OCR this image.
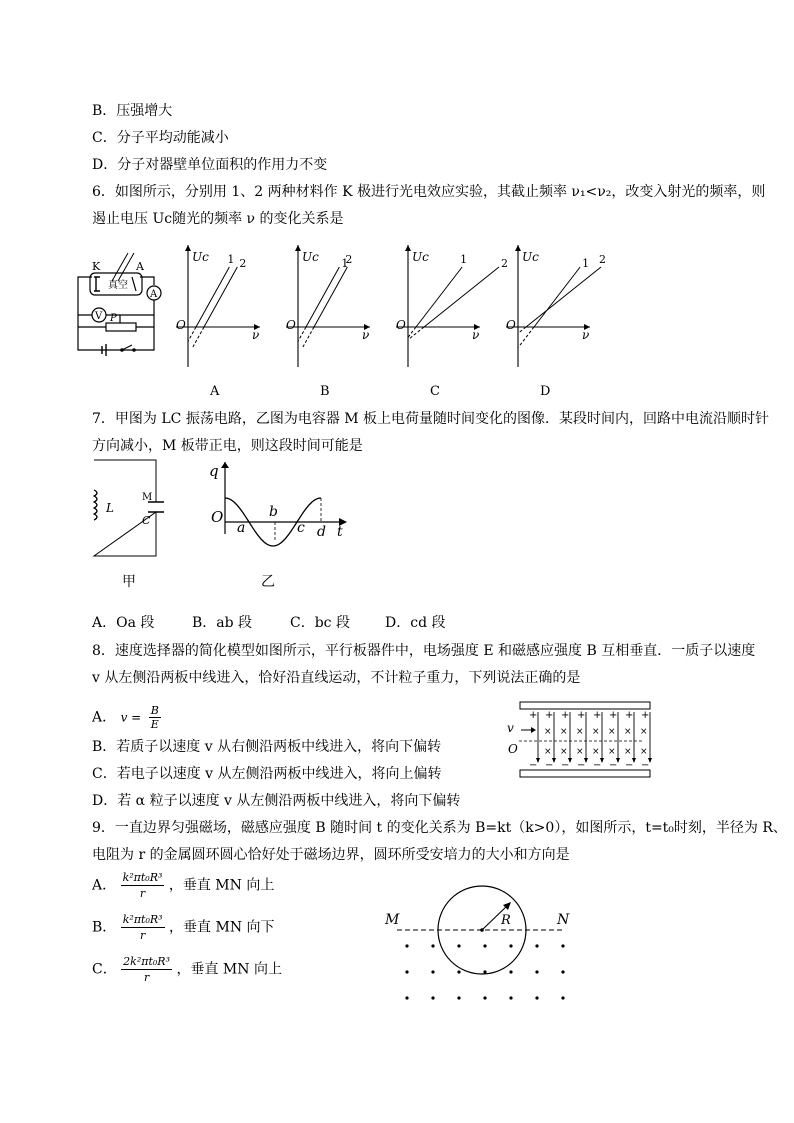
B．压强增大
C．分子平均动能减小
D．分子对器壁单位面积的作用力不变
6．如图所示，分别用 1、2 两种材料作 K 极进行光电效应实验，其截止频率 ν₁<ν₂，改变入射光的频率，则
遏止电压 Uc随光的频率 ν 的变化关系是
K	A
真空
A
V P
Uc
O
ν
1 2
A
Uc
O
ν
2
1
B
Uc
O
ν
1	2
C
Uc
O
ν
2
1
D
7．甲图为 LC 振荡电路，乙图为电容器 M 板上电荷量随时间变化的图像．某段时间内，回路中电流沿顺时针
方向减小，M 板带正电，则这段时间可能是
L
M
C
甲
q
O
a
b
c d t
乙
A．Oa 段	B．ab 段	C．bc 段	D．cd 段
8．速度选择器的简化模型如图所示，平行板器件中，电场强度 E 和磁感应强度 B 互相垂直．一质子以速度
v 从左侧沿两板中线进入，恰好沿直线运动，不计粒子重力，下列说法正确的是
A． $v = \frac{B}{E}$
B．若质子以速度 v 从右侧沿两板中线进入，将向下偏转
C．若电子以速度 v 从左侧沿两板中线进入，将向上偏转
D．若 α 粒子以速度 v 从左侧沿两板中线进入，将向下偏转
+
−
+
−
×
×
+
−
×
×
+
−
×
×
+
−
×
×
+
−
×
×
+
−
×
×
+
−
×
×
v
O
9．一直边界匀强磁场，磁感应强度 B 随时间 t 的变化关系为 B=kt（k>0），如图所示，t=t₀时刻，半径为 R、
电阻为 r 的金属圆环圆心恰好处于磁场边界，圆环所受安培力的大小和方向是
A． $\frac{\text{k²πt₀R³}}{r}$ ，垂直 MN 向上
B． $\frac{\text{k²πt₀R³}}{r}$ ，垂直 MN 向下
C． $\frac{\text{2k²πt₀R³}}{r}$ ，垂直 MN 向上
R
M	N
